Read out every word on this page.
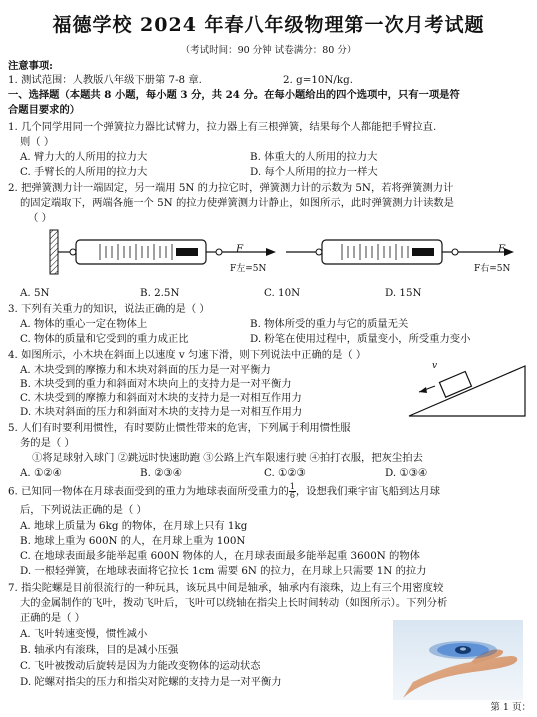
福德学校 2024 年春八年级物理第一次月考试题
（考试时间：90 分钟 试卷满分：80 分）
注意事项:
1. 测试范围：人教版八年级下册第 7-8 章.	2. g=10N/kg.
一、选择题（本题共 8 小题，每小题 3 分，共 24 分。在每小题给出的四个选项中，只有一项是符
合题目要求的）
1. 几个同学用同一个弹簧拉力器比试臂力，拉力器上有三根弹簧，结果每个人都能把手臂拉直.
则（ ）
A. 臂力大的人所用的拉力大	B. 体重大的人所用的拉力大
C. 手臂长的人所用的拉力大	D. 每个人所用的拉力一样大
2. 把弹簧测力计一端固定，另一端用 5N 的力拉它时，弹簧测力计的示数为 5N，若将弹簧测力计
的固定端取下，两端各施一个 5N 的拉力使弹簧测力计静止，如图所示，此时弹簧测力计读数是
（ ）
F
F左=5N
F
F右=5N
A. 5N	B. 2.5N	C. 10N	D. 15N
3. 下列有关重力的知识，说法正确的是（ ）
A. 物体的重心一定在物体上	B. 物体所受的重力与它的质量无关
C. 物体的质量和它受到的重力成正比	D. 粉笔在使用过程中，质量变小，所受重力变小
4. 如图所示，小木块在斜面上以速度 v 匀速下滑，则下列说法中正确的是（ ）
v
A. 木块受到的摩擦力和木块对斜面的压力是一对平衡力
B. 木块受到的重力和斜面对木块向上的支持力是一对平衡力
C. 木块受到的摩擦力和斜面对木块的支持力是一对相互作用力
D. 木块对斜面的压力和斜面对木块的支持力是一对相互作用力
5. 人们有时要利用惯性，有时要防止惯性带来的危害，下列属于利用惯性服
务的是（ ）
①将足球射入球门 ②跳远时快速助跑 ③公路上汽车限速行驶 ④拍打衣服，把灰尘拍去
A. ①②④	B. ②③④	C. ①②③	D. ①③④
6. 已知同一物体在月球表面受到的重力为地球表面所受重力的 $\frac{1}{6}$ ，设想我们乘宇宙飞船到达月球
后，下列说法正确的是（ ）
A. 地球上质量为 6kg 的物体，在月球上只有 1kg
B. 地球上重为 600N 的人，在月球上重为 100N
C. 在地球表面最多能举起重 600N 物体的人，在月球表面最多能举起重 3600N 的物体
D. 一根轻弹簧，在地球表面将它拉长 1cm 需要 6N 的拉力，在月球上只需要 1N 的拉力
7. 指尖陀螺是目前很流行的一种玩具，该玩具中间是轴承，轴承内有滚珠，边上有三个用密度较
大的金属制作的飞叶，拨动飞叶后，飞叶可以绕轴在指尖上长时间转动（如图所示）。下列分析
正确的是（ ）
A. 飞叶转速变慢，惯性减小
B. 轴承内有滚珠，目的是减小压强
C. 飞叶被拨动后旋转是因为力能改变物体的运动状态
D. 陀螺对指尖的压力和指尖对陀螺的支持力是一对平衡力
第 1 页：
